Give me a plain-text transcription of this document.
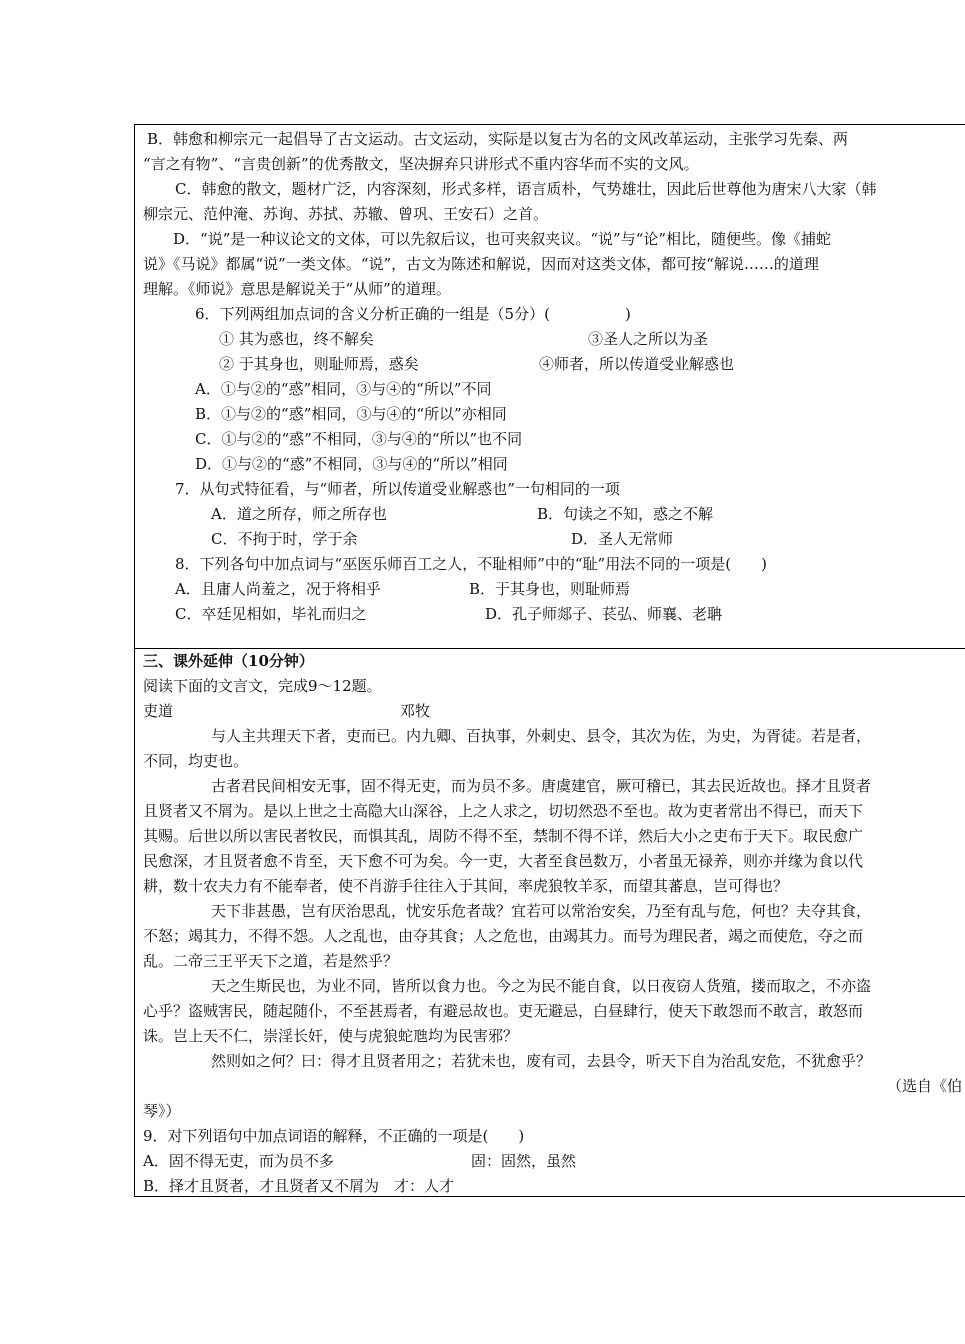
B．韩愈和柳宗元一起倡导了古文运动。古文运动，实际是以复古为名的文风改革运动，主张学习先秦、两
“言之有物”、“言贵创新”的优秀散文，坚决摒弃只讲形式不重内容华而不实的文风。
C．韩愈的散文，题材广泛，内容深刻，形式多样，语言质朴，气势雄壮，因此后世尊他为唐宋八大家（韩
柳宗元、范仲淹、苏询、苏拭、苏辙、曾巩、王安石）之首。
D．“说”是一种议论文的文体，可以先叙后议，也可夹叙夹议。“说”与“论”相比，随便些。像《捕蛇
说》《马说》都属“说”一类文体。“说”，古文为陈述和解说，因而对这类文体，都可按“解说……的道理
理解。《师说》意思是解说关于“从师”的道理。
6．下列两组加点词的含义分析正确的一组是（5分）(　　　　　)
① 其为惑也，终不解矣	③圣人之所以为圣
② 于其身也，则耻师焉，惑矣	④师者，所以传道受业解惑也
A．①与②的“惑”相同，③与④的“所以”不同
B．①与②的“惑”相同，③与④的“所以”亦相同
C．①与②的“惑”不相同，③与④的“所以”也不同
D．①与②的“惑”不相同，③与④的“所以”相同
7．从句式特征看，与“师者，所以传道受业解惑也”一句相同的一项
A．道之所存，师之所存也	B．句读之不知，惑之不解
C．不拘于时，学于余	D．圣人无常师
8．下列各句中加点词与“巫医乐师百工之人，不耻相师”中的“耻”用法不同的一项是(　　)
A．且庸人尚羞之，况于将相乎	B．于其身也，则耻师焉
C．卒廷见相如，毕礼而归之	D．孔子师郯子、苌弘、师襄、老聃
三、课外延伸（10分钟）
阅读下面的文言文，完成9～12题。
吏道	邓牧
与人主共理天下者，吏而已。内九卿、百执事，外刺史、县令，其次为佐，为史，为胥徒。若是者，
不同，均吏也。
古者君民间相安无事，固不得无吏，而为员不多。唐虞建官，厥可稽已，其去民近故也。择才且贤者
且贤者又不屑为。是以上世之士高隐大山深谷，上之人求之，切切然恐不至也。故为吏者常出不得已，而天下
其赐。后世以所以害民者牧民，而惧其乱，周防不得不至，禁制不得不详，然后大小之吏布于天下。取民愈广
民愈深，才且贤者愈不肯至，天下愈不可为矣。今一吏，大者至食邑数万，小者虽无禄养，则亦并缘为食以代
耕，数十农夫力有不能奉者，使不肖游手往往入于其间，率虎狼牧羊豕，而望其蕃息，岂可得也？
天下非甚愚，岂有厌治思乱，忧安乐危者哉？宜若可以常治安矣，乃至有乱与危，何也？夫夺其食，
不怒；竭其力，不得不怨。人之乱也，由夺其食；人之危也，由竭其力。而号为理民者，竭之而使危，夺之而
乱。二帝三王平天下之道，若是然乎？
天之生斯民也，为业不同，皆所以食力也。今之为民不能自食，以日夜窃人货殖，搂而取之，不亦盗
心乎？盗贼害民，随起随仆，不至甚焉者，有避忌故也。吏无避忌，白昼肆行，使天下敢怨而不敢言，敢怒而
诛。岂上天不仁，崇淫长奸，使与虎狼蛇虺均为民害邪？
然则如之何？曰：得才且贤者用之；若犹未也，废有司，去县令，听天下自为治乱安危，不犹愈乎？
（选自《伯
琴》）
9．对下列语句中加点词语的解释，不正确的一项是(　　)
A．固不得无吏，而为员不多	固：固然，虽然
B．择才且贤者，才且贤者又不屑为　才：人才
